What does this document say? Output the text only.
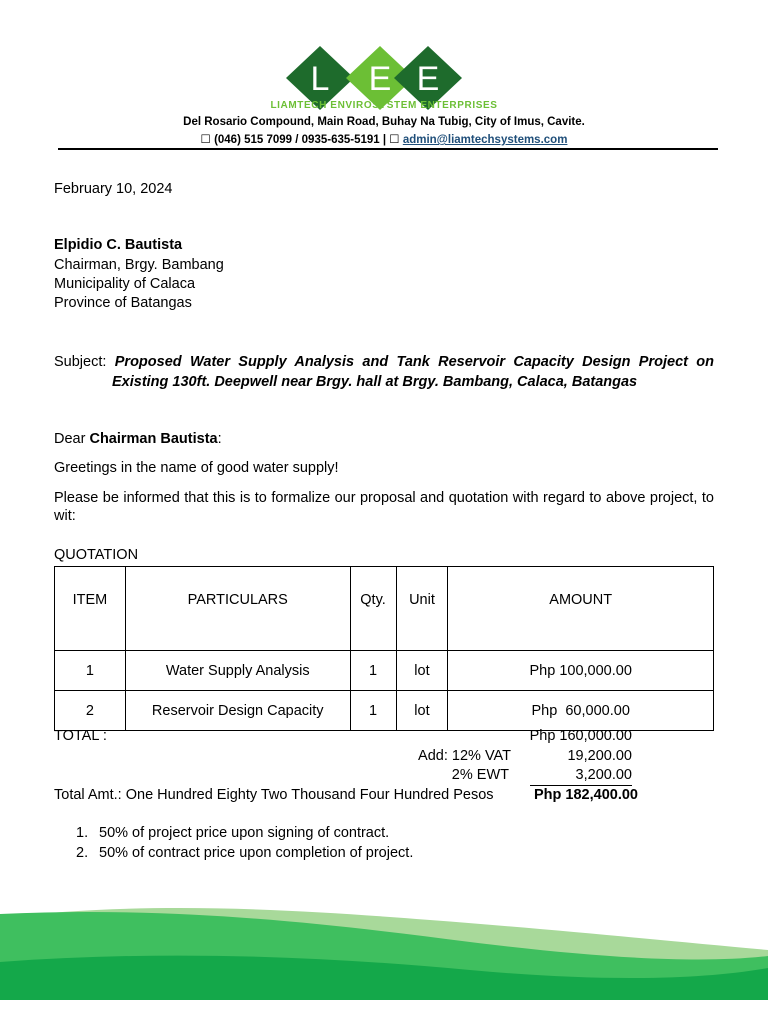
L E E
LIAMTECH ENVIROSYSTEM ENTERPRISES
Del Rosario Compound, Main Road, Buhay Na Tubig, City of Imus, Cavite.
☐ (046) 515 7099 / 0935-635-5191 | ☐ admin@liamtechsystems.com
February 10, 2024
Elpidio C. Bautista
Chairman, Brgy. Bambang
Municipality of Calaca
Province of Batangas
Subject: Proposed Water Supply Analysis and Tank Reservoir Capacity Design Project on
Existing 130ft. Deepwell near Brgy. hall at Brgy. Bambang, Calaca, Batangas
Dear Chairman Bautista:
Greetings in the name of good water supply!
Please be informed that this is to formalize our proposal and quotation with regard to above project, to wit:
QUOTATION
ITEM	PARTICULARS	Qty.	Unit	AMOUNT
1	Water Supply Analysis	1	lot	Php 100,000.00
2	Reservoir Design Capacity	1	lot	Php  60,000.00
TOTAL :	Php 160,000.00
Add: 12% VAT	19,200.00
2% EWT	3,200.00
Total Amt.: One Hundred Eighty Two Thousand Four Hundred Pesos	Php 182,400.00
1. 50% of project price upon signing of contract.
2. 50% of contract price upon completion of project.
